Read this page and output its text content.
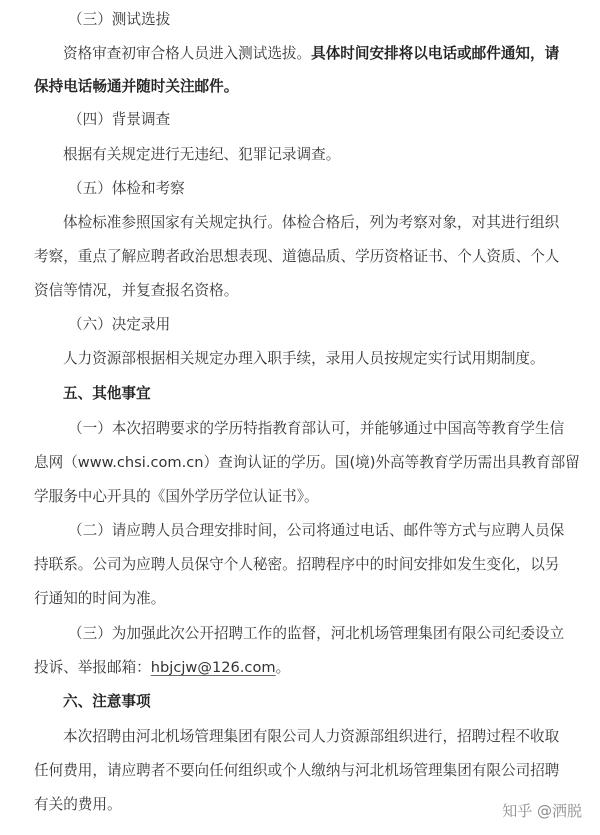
（三）测试选拔
资格审查初审合格人员进入测试选拔。具体时间安排将以电话或邮件通知，请
保持电话畅通并随时关注邮件。
（四）背景调查
根据有关规定进行无违纪、犯罪记录调查。
（五）体检和考察
体检标准参照国家有关规定执行。体检合格后，列为考察对象，对其进行组织
考察，重点了解应聘者政治思想表现、道德品质、学历资格证书、个人资质、个人
资信等情况，并复查报名资格。
（六）决定录用
人力资源部根据相关规定办理入职手续，录用人员按规定实行试用期制度。
五、其他事宜
（一）本次招聘要求的学历特指教育部认可，并能够通过中国高等教育学生信
息网（www.chsi.com.cn）查询认证的学历。国(境)外高等教育学历需出具教育部留
学服务中心开具的《国外学历学位认证书》。
（二）请应聘人员合理安排时间，公司将通过电话、邮件等方式与应聘人员保
持联系。公司为应聘人员保守个人秘密。招聘程序中的时间安排如发生变化，以另
行通知的时间为准。
（三）为加强此次公开招聘工作的监督，河北机场管理集团有限公司纪委设立
投诉、举报邮箱：hbjcjw@126.com。
六、注意事项
本次招聘由河北机场管理集团有限公司人力资源部组织进行，招聘过程不收取
任何费用，请应聘者不要向任何组织或个人缴纳与河北机场管理集团有限公司招聘
有关的费用。	知乎 @洒脱
